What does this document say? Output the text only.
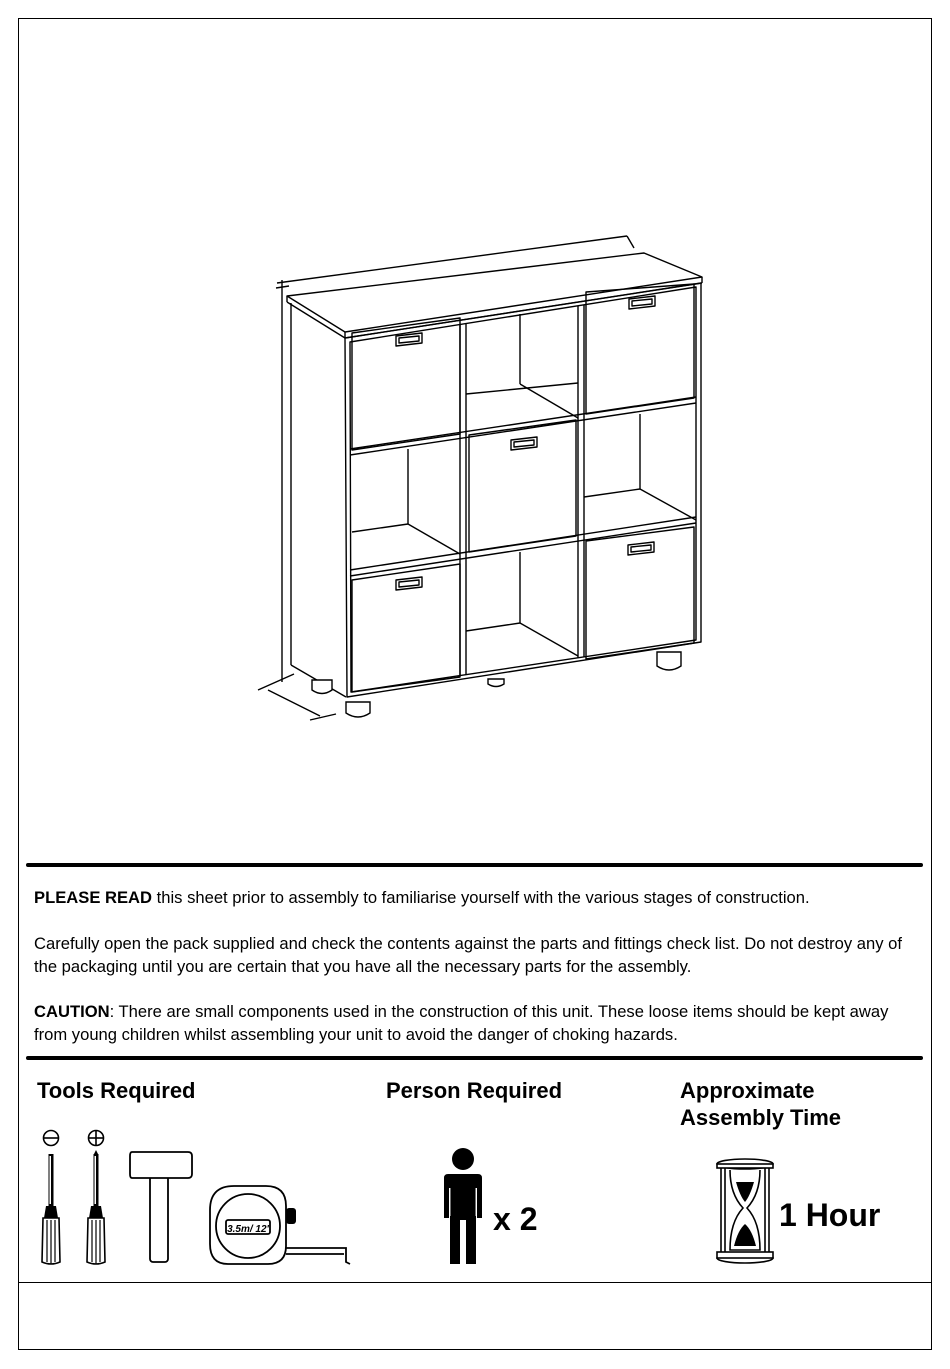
PLEASE READ this sheet prior to assembly to familiarise yourself with the various stages of construction.

Carefully open the pack supplied and check the contents against the parts and fittings check list. Do not destroy any of the packaging until you are certain that you have all the necessary parts for the assembly.

CAUTION: There are small components used in the construction of this unit. These loose items should be kept away from young children whilst assembling your unit to avoid the danger of choking hazards.

Tools Required

3.5m/ 12'

Person Required

x 2

Approximate

Assembly Time

1 Hour
